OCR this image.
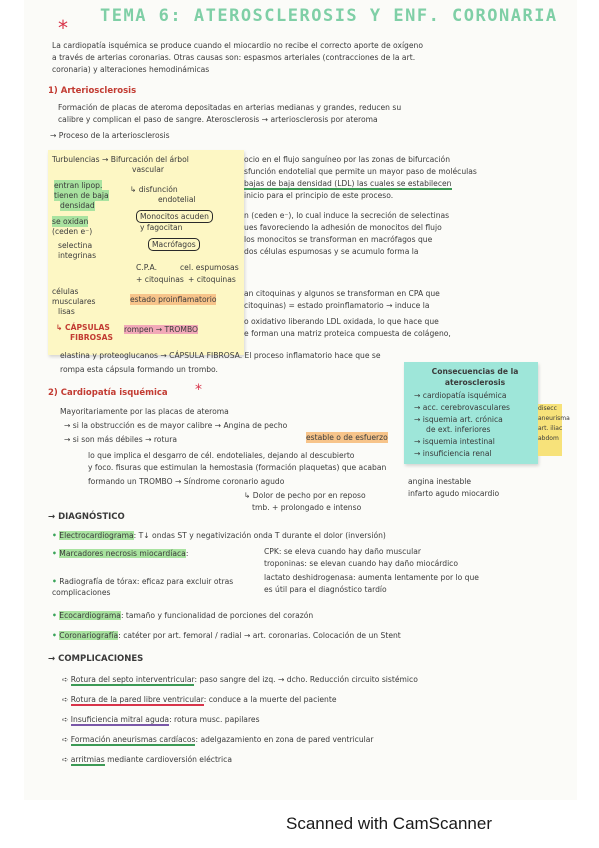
* TEMA 6: ATEROSCLEROSIS Y ENF. CORONARIA
La cardiopatía isquémica se produce cuando el miocardio no recibe el correcto aporte de oxígeno
a través de arterias coronarias. Otras causas son: espasmos arteriales (contracciones de la art.
coronaria) y alteraciones hemodinámicas
1) Arteriosclerosis
Formación de placas de ateroma depositadas en arterias medianas y grandes, reducen su
calibre y complican el paso de sangre. Aterosclerosis → arteriosclerosis por ateroma
→ Proceso de la arteriosclerosis
Turbulencias → Bifurcación del árbol
vascular
entran lipop.
tienen de baja
densidad
↳ disfunción
endotelial
se oxidan
(ceden e⁻)
Monocitos acuden
y fagocitan
selectina
integrinas
Macrófagos
C.P.A.	cel. espumosas
+ citoquinas + citoquinas
células
musculares
lisas
estado proinflamatorio
↳ CÁPSULAS
FIBROSAS
rompen → TROMBO
ocio en el flujo sanguíneo por las zonas de bifurcación
sfunción endotelial que permite un mayor paso de moléculas
bajas de baja densidad (LDL) las cuales se estabilecen
inicio para el principio de este proceso.
n (ceden e⁻), lo cual induce la secreción de selectinas
ues favoreciendo la adhesión de monocitos del flujo
los monocitos se transforman en macrófagos que
dos células espumosas y se acumulo forma la
an citoquinas y algunos se transforman en CPA que
citoquinas) = estado proinflamatorio → induce la
o oxidativo liberando LDL oxidada, lo que hace que
e forman una matriz proteica compuesta de colágeno,
elastina y proteoglucanos → CÁPSULA FIBROSA. El proceso inflamatorio hace que se
rompa esta cápsula formando un trombo.
2) Cardiopatía isquémica *
Consecuencias de la aterosclerosis
→ cardiopatía isquémica
→ acc. cerebrovasculares
→ isquemia art. crónica
de ext. inferiores
→ isquemia intestinal
→ insuficiencia renal
disecc
aneurisma
art. iliac
abdom
Mayoritariamente por las placas de ateroma
→ si la obstrucción es de mayor calibre → Angina de pecho
estable o de esfuerzo
→ si son más débiles → rotura
lo que implica el desgarro de cél. endoteliales, dejando al descubierto
y foco. fisuras que estimulan la hemostasia (formación plaquetas) que acaban
formando un TROMBO → Síndrome coronario agudo	angina inestable
infarto agudo miocardio
↳ Dolor de pecho por en reposo
tmb. + prolongado e intenso
→ DIAGNÓSTICO
• Electrocardiograma: T↓ ondas ST y negativización onda T durante el dolor (inversión)
• Marcadores necrosis miocardíaca:	CPK: se eleva cuando hay daño muscular
troponinas: se elevan cuando hay daño miocárdico
lactato deshidrogenasa: aumenta lentamente por lo que
es útil para el diagnóstico tardío
• Radiografía de tórax: eficaz para excluir otras complicaciones
• Ecocardiograma: tamaño y funcionalidad de porciones del corazón
• Coronariografía: catéter por art. femoral / radial → art. coronarias. Colocación de un Stent
→ COMPLICACIONES
➪ Rotura del septo interventricular: paso sangre del izq. → dcho. Reducción circuito sistémico
➪ Rotura de la pared libre ventricular: conduce a la muerte del paciente
➪ Insuficiencia mitral aguda: rotura musc. papilares
➪ Formación aneurismas cardíacos: adelgazamiento en zona de pared ventricular
➪ arritmias mediante cardioversión eléctrica
Scanned with CamScanner
